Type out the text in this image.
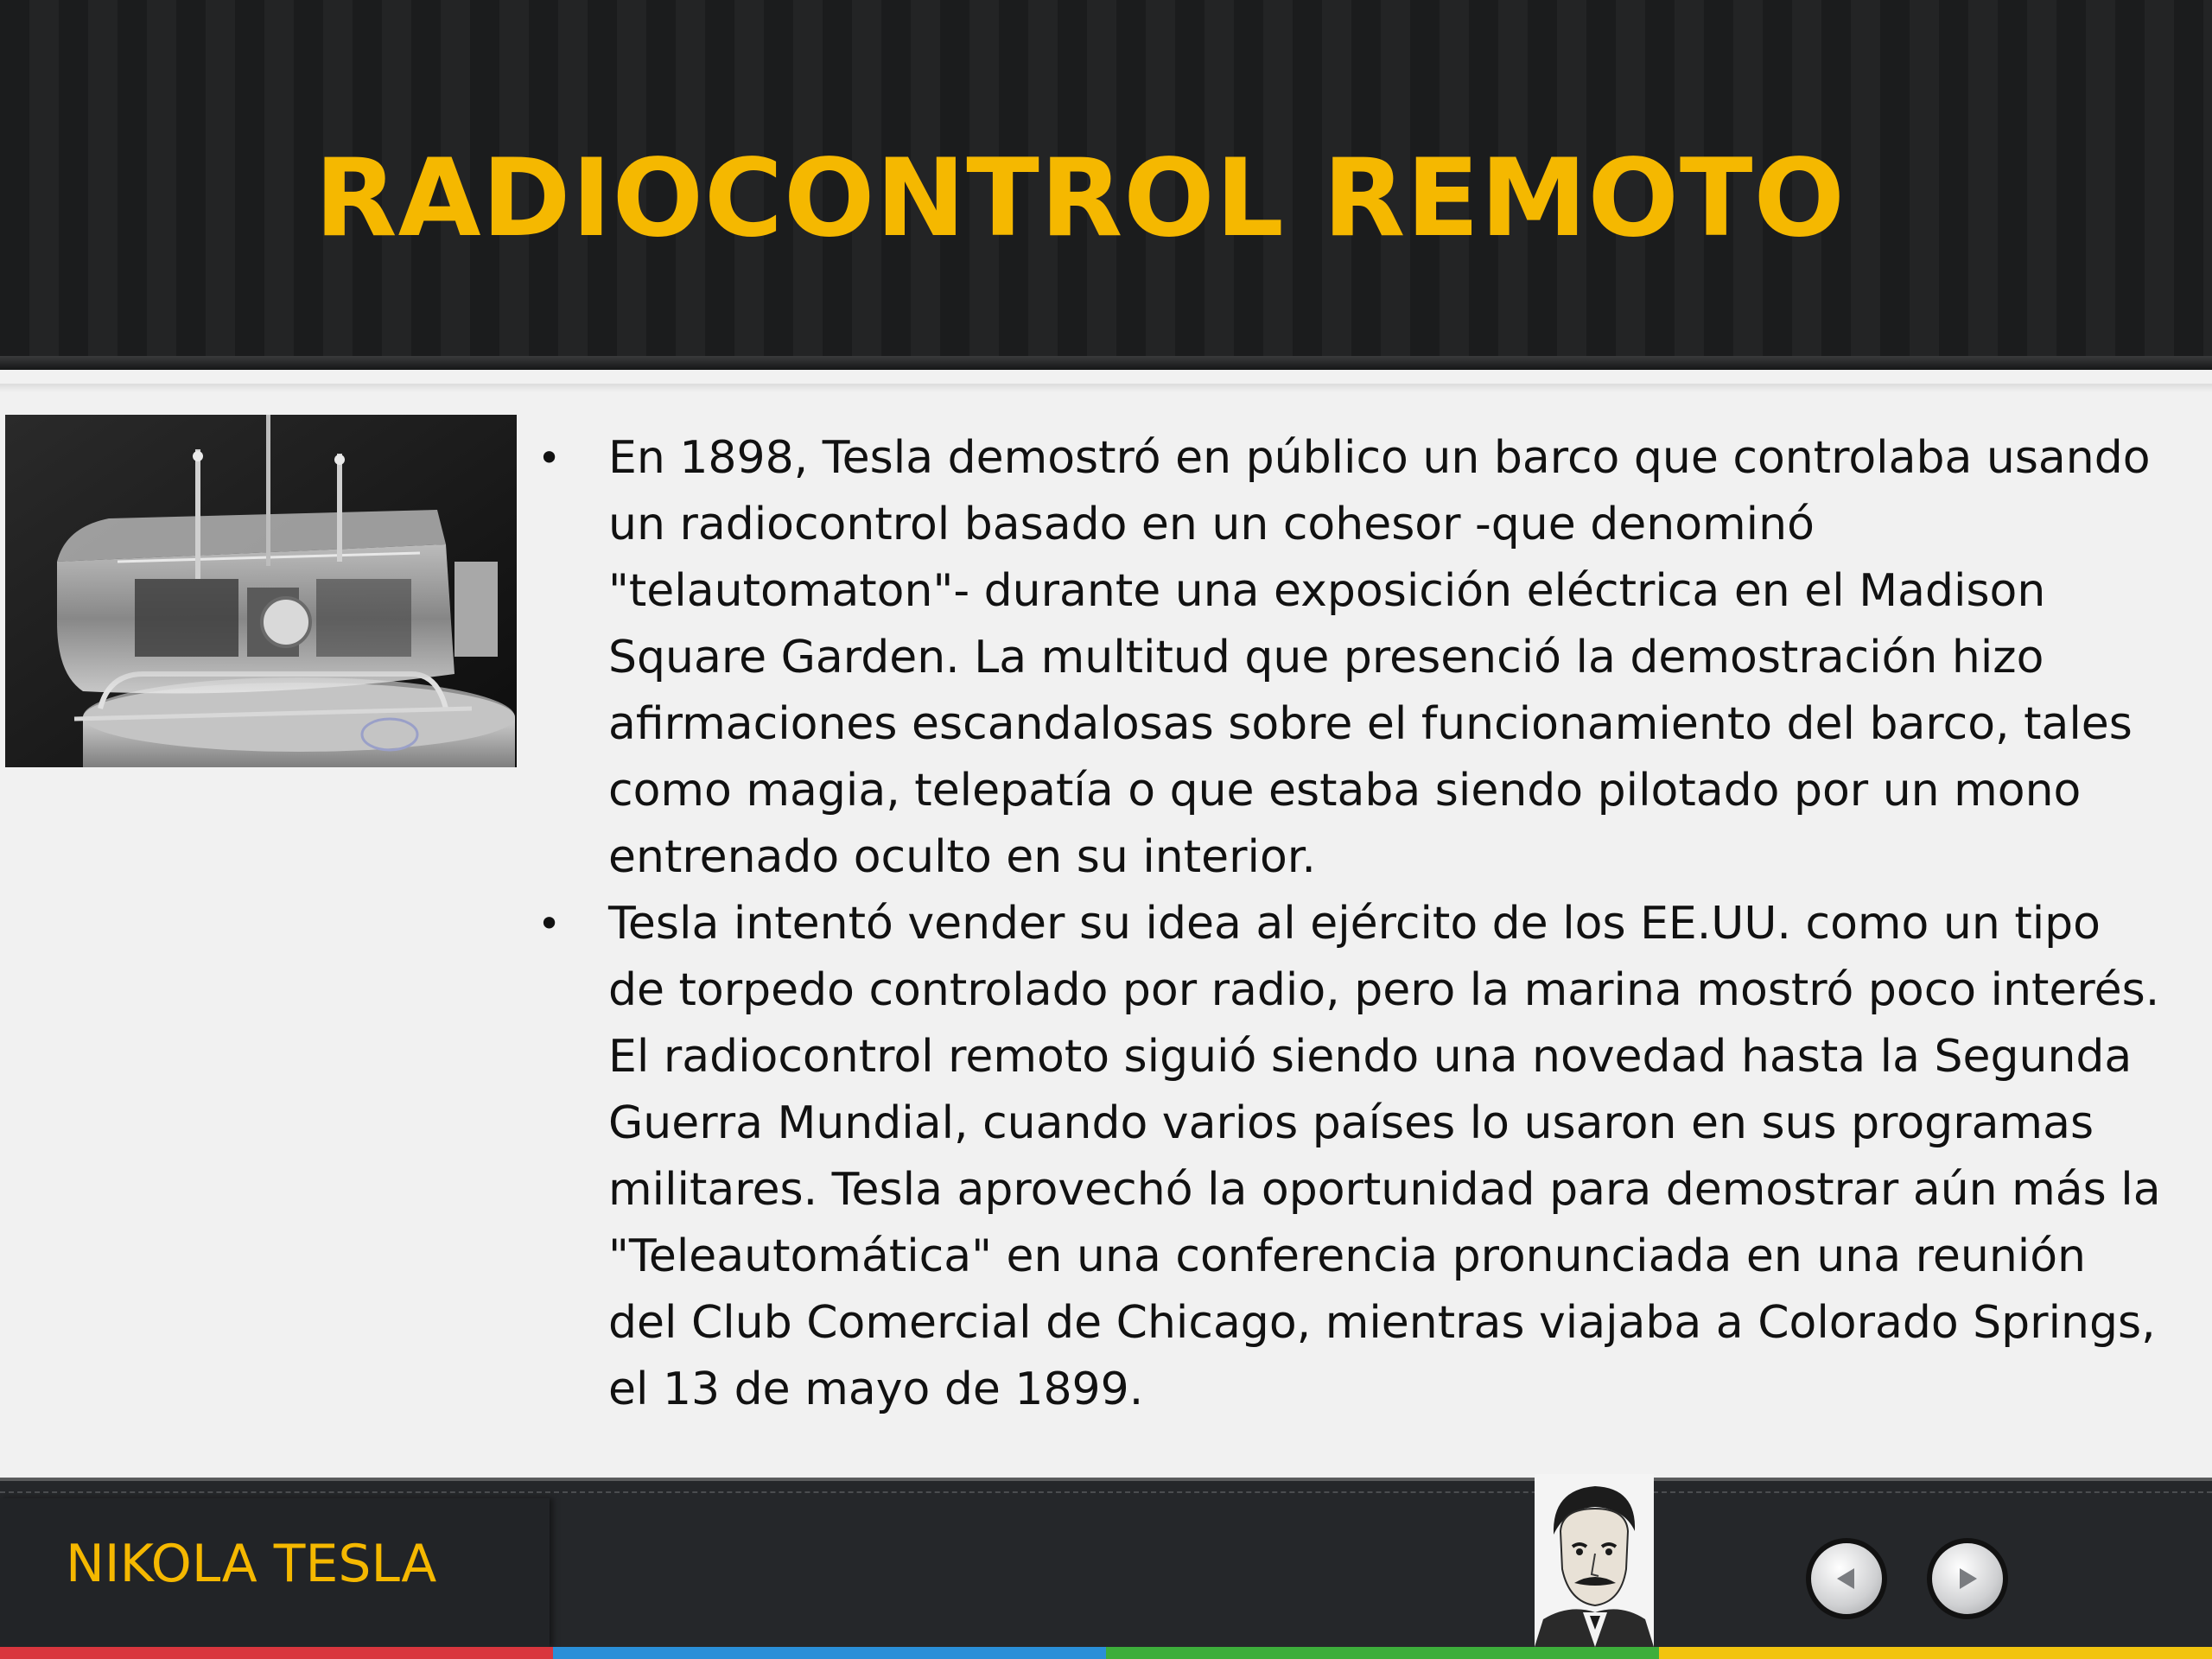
RADIOCONTROL REMOTO

• En 1898, Tesla demostró en público un barco que controlaba usando un radiocontrol basado en un cohesor -que denominó "telautomaton"- durante una exposición eléctrica en el Madison Square Garden. La multitud que presenció la demostración hizo afirmaciones escandalosas sobre el funcionamiento del barco, tales como magia, telepatía o que estaba siendo pilotado por un mono entrenado oculto en su interior.

• Tesla intentó vender su idea al ejército de los EE.UU. como un tipo de torpedo controlado por radio, pero la marina mostró poco interés. El radiocontrol remoto siguió siendo una novedad hasta la Segunda Guerra Mundial, cuando varios países lo usaron en sus programas militares. Tesla aprovechó la oportunidad para demostrar aún más la "Teleautomática" en una conferencia pronunciada en una reunión del Club Comercial de Chicago, mientras viajaba a Colorado Springs, el 13 de mayo de 1899.

NIKOLA TESLA
